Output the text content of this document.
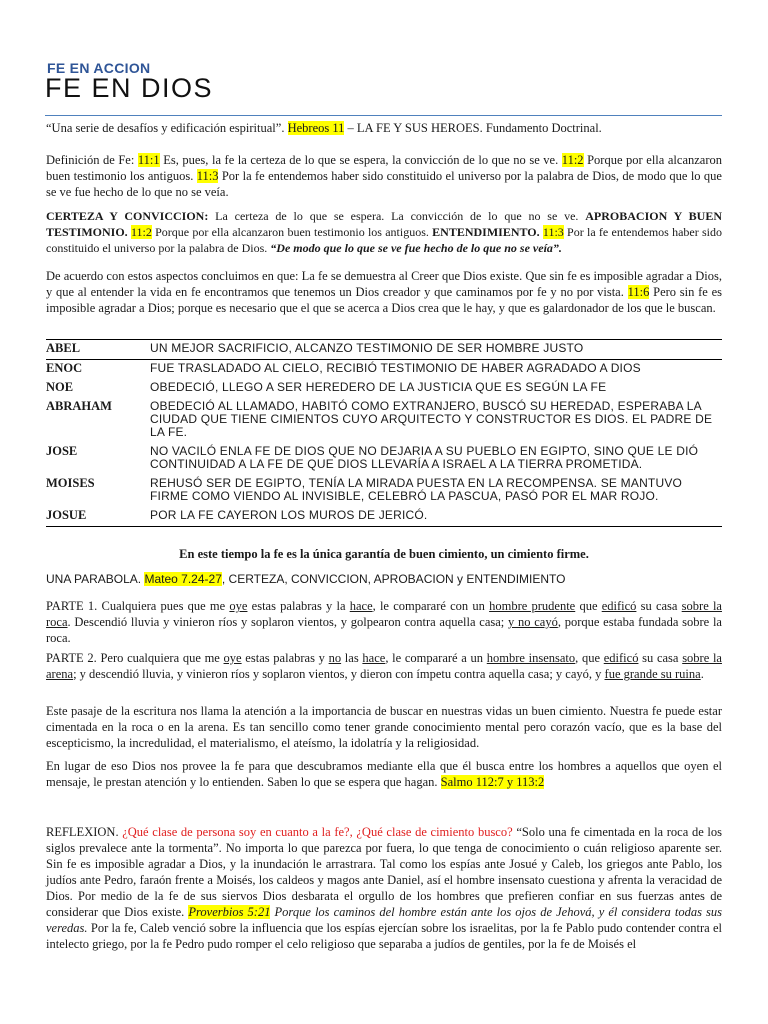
FE EN ACCION
FE EN DIOS

“Una serie de desafíos y edificación espiritual”. Hebreos 11 – LA FE Y SUS HEROES. Fundamento Doctrinal.

Definición de Fe: 11:1 Es, pues, la fe la certeza de lo que se espera, la convicción de lo que no se ve. 11:2 Porque por ella alcanzaron buen testimonio los antiguos. 11:3 Por la fe entendemos haber sido constituido el universo por la palabra de Dios, de modo que lo que se ve fue hecho de lo que no se veía.

CERTEZA Y CONVICCION: La certeza de lo que se espera. La convicción de lo que no se ve. APROBACION Y BUEN TESTIMONIO. 11:2 Porque por ella alcanzaron buen testimonio los antiguos. ENTENDIMIENTO. 11:3 Por la fe entendemos haber sido constituido el universo por la palabra de Dios. “De modo que lo que se ve fue hecho de lo que no se veía”.

De acuerdo con estos aspectos concluimos en que: La fe se demuestra al Creer que Dios existe. Que sin fe es imposible agradar a Dios, y que al entender la vida en fe encontramos que tenemos un Dios creador y que caminamos por fe y no por vista. 11:6 Pero sin fe es imposible agradar a Dios; porque es necesario que el que se acerca a Dios crea que le hay, y que es galardonador de los que le buscan.

ABEL	UN MEJOR SACRIFICIO, ALCANZO TESTIMONIO DE SER HOMBRE JUSTO
ENOC	FUE TRASLADADO AL CIELO, RECIBIÓ TESTIMONIO DE HABER AGRADADO A DIOS
NOE	OBEDECIÓ, LLEGO A SER HEREDERO DE LA JUSTICIA QUE ES SEGÚN LA FE
ABRAHAM	OBEDECIÓ AL LLAMADO, HABITÓ COMO EXTRANJERO, BUSCÓ SU HEREDAD, ESPERABA LA CIUDAD QUE TIENE CIMIENTOS CUYO ARQUITECTO Y CONSTRUCTOR ES DIOS. EL PADRE DE LA FE.
JOSE	NO VACILÓ ENLA FE DE DIOS QUE NO DEJARIA A SU PUEBLO EN EGIPTO, SINO QUE LE DIÓ CONTINUIDAD A LA FE DE QUE DIOS LLEVARÍA A ISRAEL A LA TIERRA PROMETIDA.
MOISES	REHUSÓ SER DE EGIPTO, TENÍA LA MIRADA PUESTA EN LA RECOMPENSA. SE MANTUVO FIRME COMO VIENDO AL INVISIBLE, CELEBRÓ LA PASCUA, PASÓ POR EL MAR ROJO.
JOSUE	POR LA FE CAYERON LOS MUROS DE JERICÓ.
En este tiempo la fe es la única garantía de buen cimiento, un cimiento firme.

UNA PARABOLA. Mateo 7.24-27, CERTEZA, CONVICCION, APROBACION y ENTENDIMIENTO

PARTE 1. Cualquiera pues que me oye estas palabras y la hace, le compararé con un hombre prudente que edificó su casa sobre la roca. Descendió lluvia y vinieron ríos y soplaron vientos, y golpearon contra aquella casa; y no cayó, porque estaba fundada sobre la roca.

PARTE 2. Pero cualquiera que me oye estas palabras y no las hace, le compararé a un hombre insensato, que edificó su casa sobre la arena; y descendió lluvia, y vinieron ríos y soplaron vientos, y dieron con ímpetu contra aquella casa; y cayó, y fue grande su ruina.

Este pasaje de la escritura nos llama la atención a la importancia de buscar en nuestras vidas un buen cimiento. Nuestra fe puede estar cimentada en la roca o en la arena. Es tan sencillo como tener grande conocimiento mental pero corazón vacío, que es la base del escepticismo, la incredulidad, el materialismo, el ateísmo, la idolatría y la religiosidad.

En lugar de eso Dios nos provee la fe para que descubramos mediante ella que él busca entre los hombres a aquellos que oyen el mensaje, le prestan atención y lo entienden. Saben lo que se espera que hagan. Salmo 112:7 y 113:2

REFLEXION. ¿Qué clase de persona soy en cuanto a la fe?, ¿Qué clase de cimiento busco? “Solo una fe cimentada en la roca de los siglos prevalece ante la tormenta”. No importa lo que parezca por fuera, lo que tenga de conocimiento o cuán religioso aparente ser. Sin fe es imposible agradar a Dios, y la inundación le arrastrara. Tal como los espías ante Josué y Caleb, los griegos ante Pablo, los judíos ante Pedro, faraón frente a Moisés, los caldeos y magos ante Daniel, así el hombre insensato cuestiona y afrenta la veracidad de Dios. Por medio de la fe de sus siervos Dios desbarata el orgullo de los hombres que prefieren confiar en sus fuerzas antes de considerar que Dios existe. Proverbios 5:21 Porque los caminos del hombre están ante los ojos de Jehová, y él considera todas sus veredas. Por la fe, Caleb venció sobre la influencia que los espías ejercían sobre los israelitas, por la fe Pablo pudo contender contra el intelecto griego, por la fe Pedro pudo romper el celo religioso que separaba a judíos de gentiles, por la fe de Moisés el
